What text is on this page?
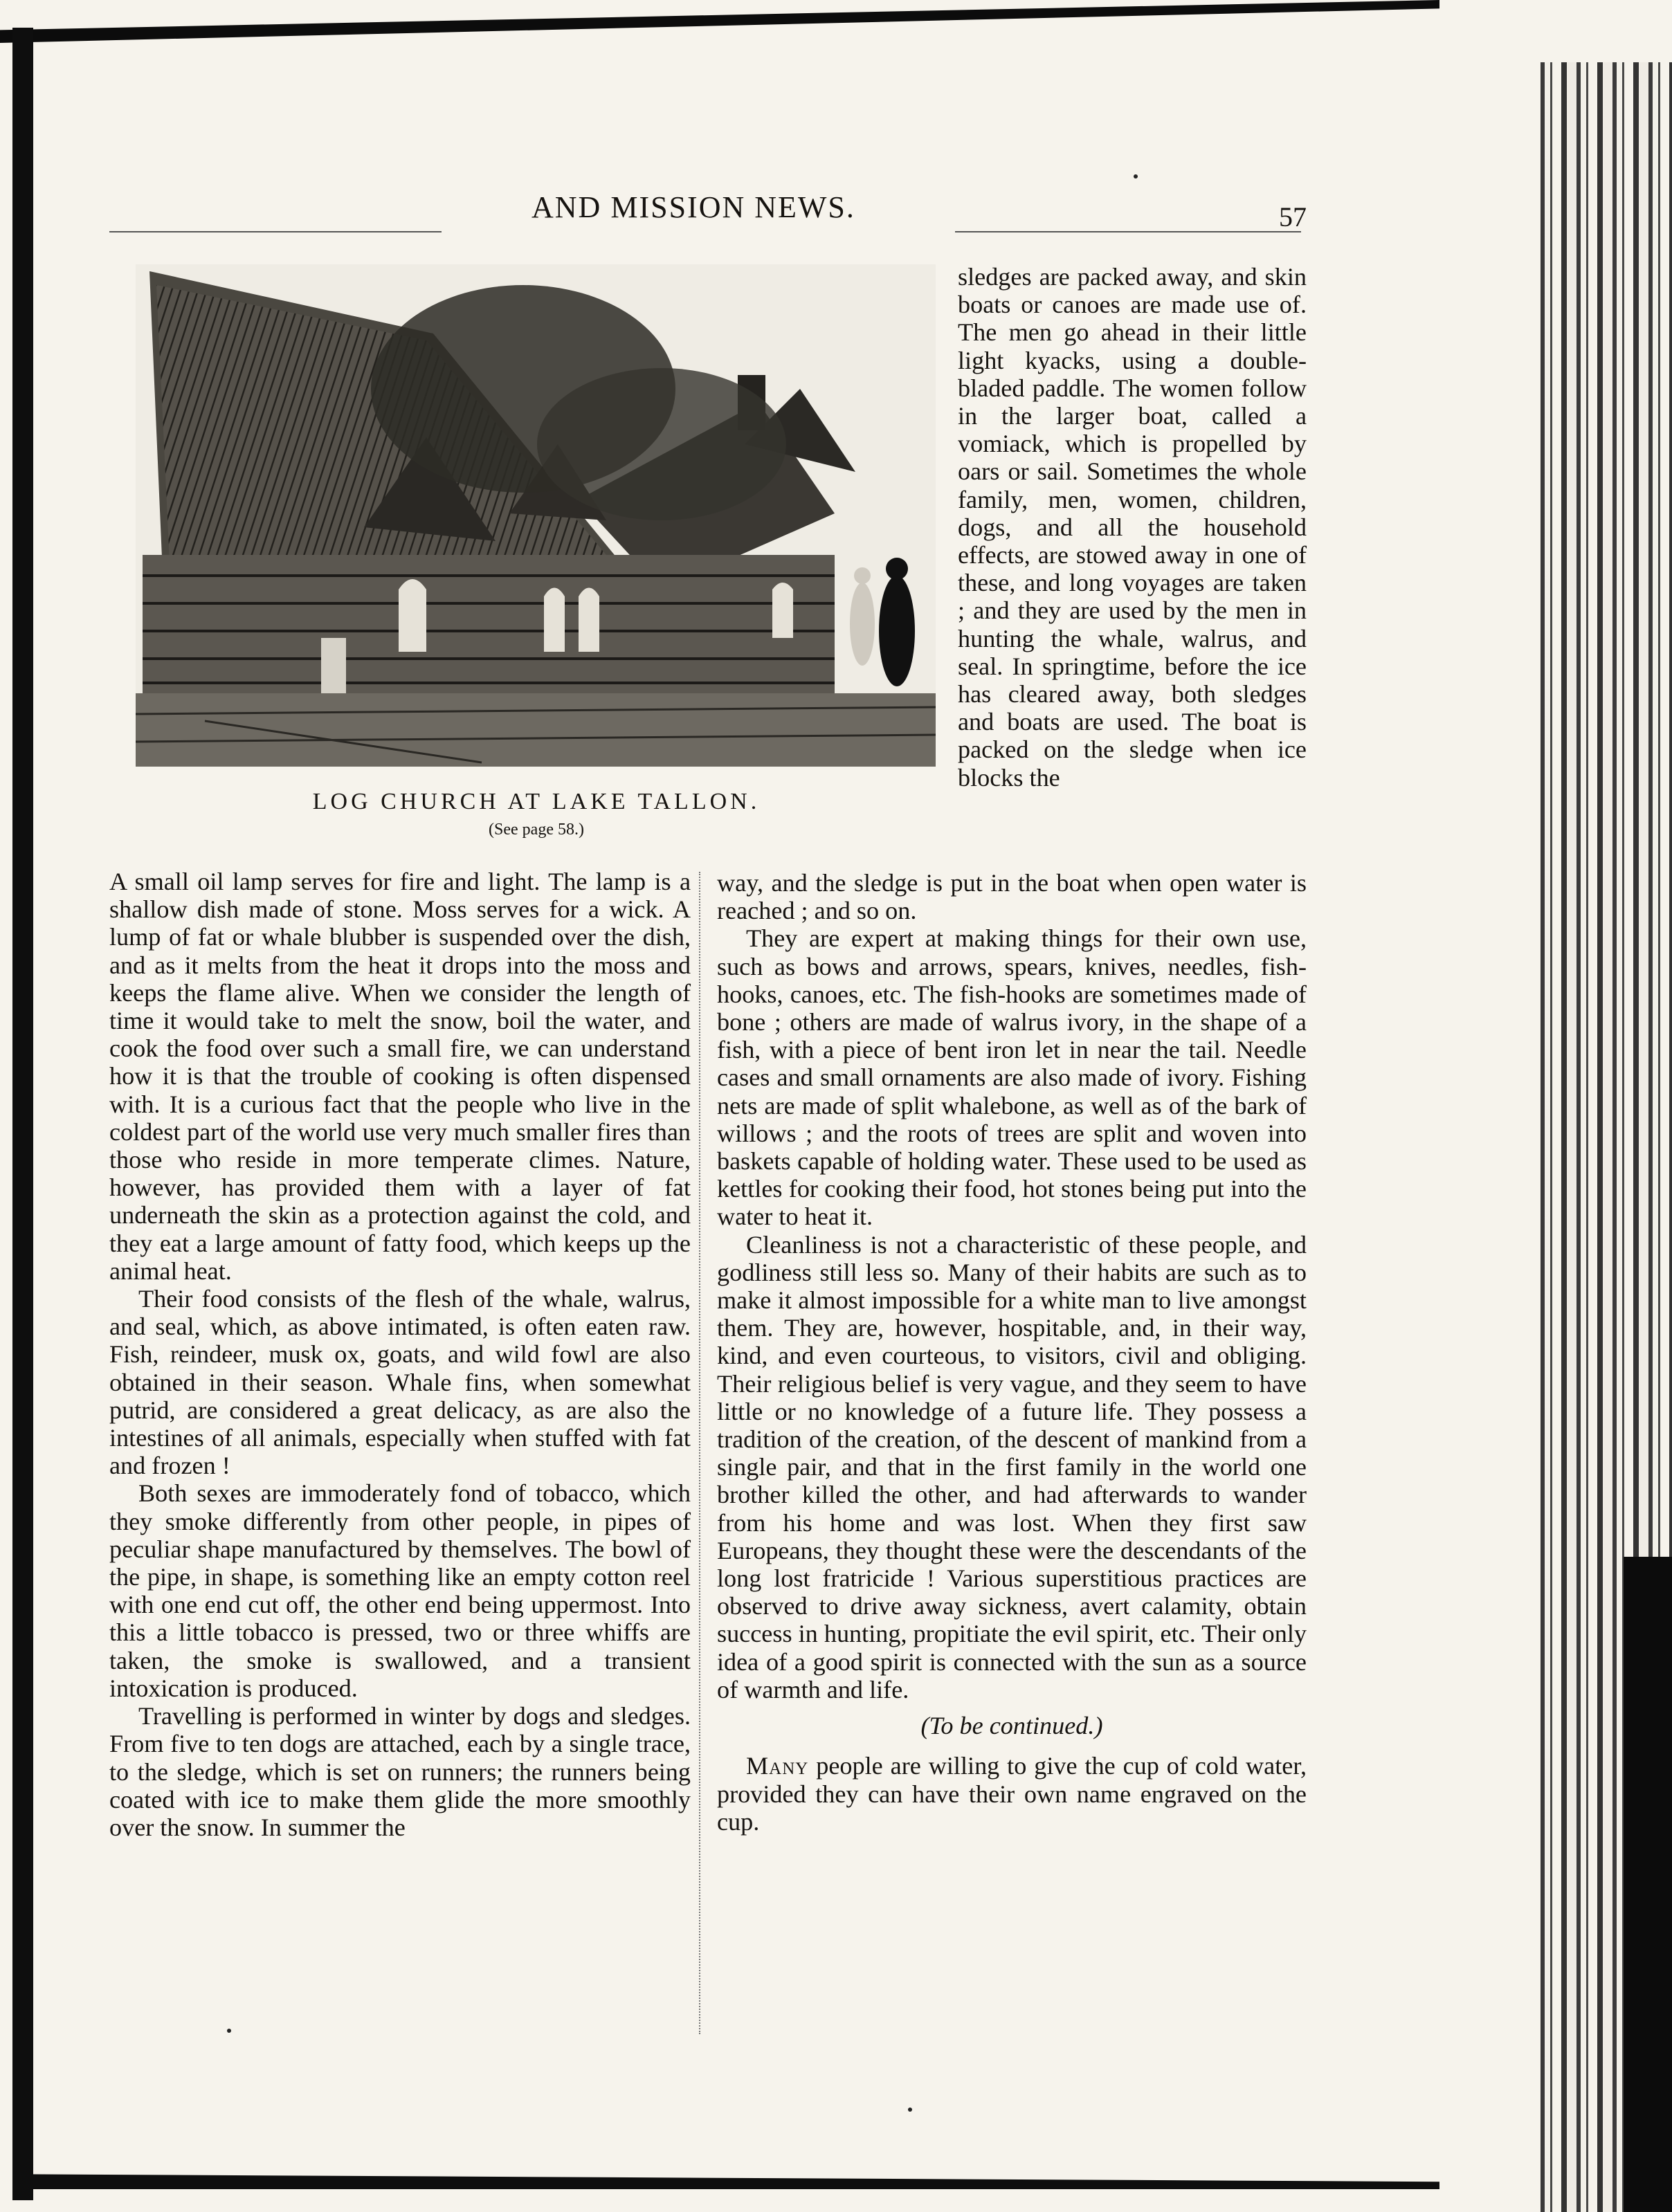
AND MISSION NEWS.	57
LOG CHURCH AT LAKE TALLON.
(See page 58.)

sledges are packed away, and skin boats or canoes are made use of. The men go ahead in their little light kyacks, using a double-bladed paddle. The women follow in the larger boat, called a vomiack, which is propelled by oars or sail. Sometimes the whole family, men, women, children, dogs, and all the household effects, are stowed away in one of these, and long voyages are taken ; and they are used by the men in hunting the whale, walrus, and seal. In springtime, before the ice has cleared away, both sledges and boats are used. The boat is packed on the sledge when ice blocks the

A small oil lamp serves for fire and light. The lamp is a shallow dish made of stone. Moss serves for a wick. A lump of fat or whale blubber is suspended over the dish, and as it melts from the heat it drops into the moss and keeps the flame alive. When we consider the length of time it would take to melt the snow, boil the water, and cook the food over such a small fire, we can understand how it is that the trouble of cooking is often dispensed with. It is a curious fact that the people who live in the coldest part of the world use very much smaller fires than those who reside in more temperate climes. Nature, however, has provided them with a layer of fat underneath the skin as a protection against the cold, and they eat a large amount of fatty food, which keeps up the animal heat.

Their food consists of the flesh of the whale, walrus, and seal, which, as above intimated, is often eaten raw. Fish, reindeer, musk ox, goats, and wild fowl are also obtained in their season. Whale fins, when somewhat putrid, are considered a great delicacy, as are also the intestines of all animals, especially when stuffed with fat and frozen !

Both sexes are immoderately fond of tobacco, which they smoke differently from other people, in pipes of peculiar shape manufactured by themselves. The bowl of the pipe, in shape, is something like an empty cotton reel with one end cut off, the other end being uppermost. Into this a little tobacco is pressed, two or three whiffs are taken, the smoke is swallowed, and a transient intoxication is produced.

Travelling is performed in winter by dogs and sledges. From five to ten dogs are attached, each by a single trace, to the sledge, which is set on runners; the runners being coated with ice to make them glide the more smoothly over the snow. In summer the

way, and the sledge is put in the boat when open water is reached ; and so on.

They are expert at making things for their own use, such as bows and arrows, spears, knives, needles, fish-hooks, canoes, etc. The fish-hooks are sometimes made of bone ; others are made of walrus ivory, in the shape of a fish, with a piece of bent iron let in near the tail. Needle cases and small ornaments are also made of ivory. Fishing nets are made of split whalebone, as well as of the bark of willows ; and the roots of trees are split and woven into baskets capable of holding water. These used to be used as kettles for cooking their food, hot stones being put into the water to heat it.

Cleanliness is not a characteristic of these people, and godliness still less so. Many of their habits are such as to make it almost impossible for a white man to live amongst them. They are, however, hospitable, and, in their way, kind, and even courteous, to visitors, civil and obliging. Their religious belief is very vague, and they seem to have little or no knowledge of a future life. They possess a tradition of the creation, of the descent of mankind from a single pair, and that in the first family in the world one brother killed the other, and had afterwards to wander from his home and was lost. When they first saw Europeans, they thought these were the descendants of the long lost fratricide ! Various superstitious practices are observed to drive away sickness, avert calamity, obtain success in hunting, propitiate the evil spirit, etc. Their only idea of a good spirit is connected with the sun as a source of warmth and life.

(To be continued.)

Many people are willing to give the cup of cold water, provided they can have their own name engraved on the cup.
